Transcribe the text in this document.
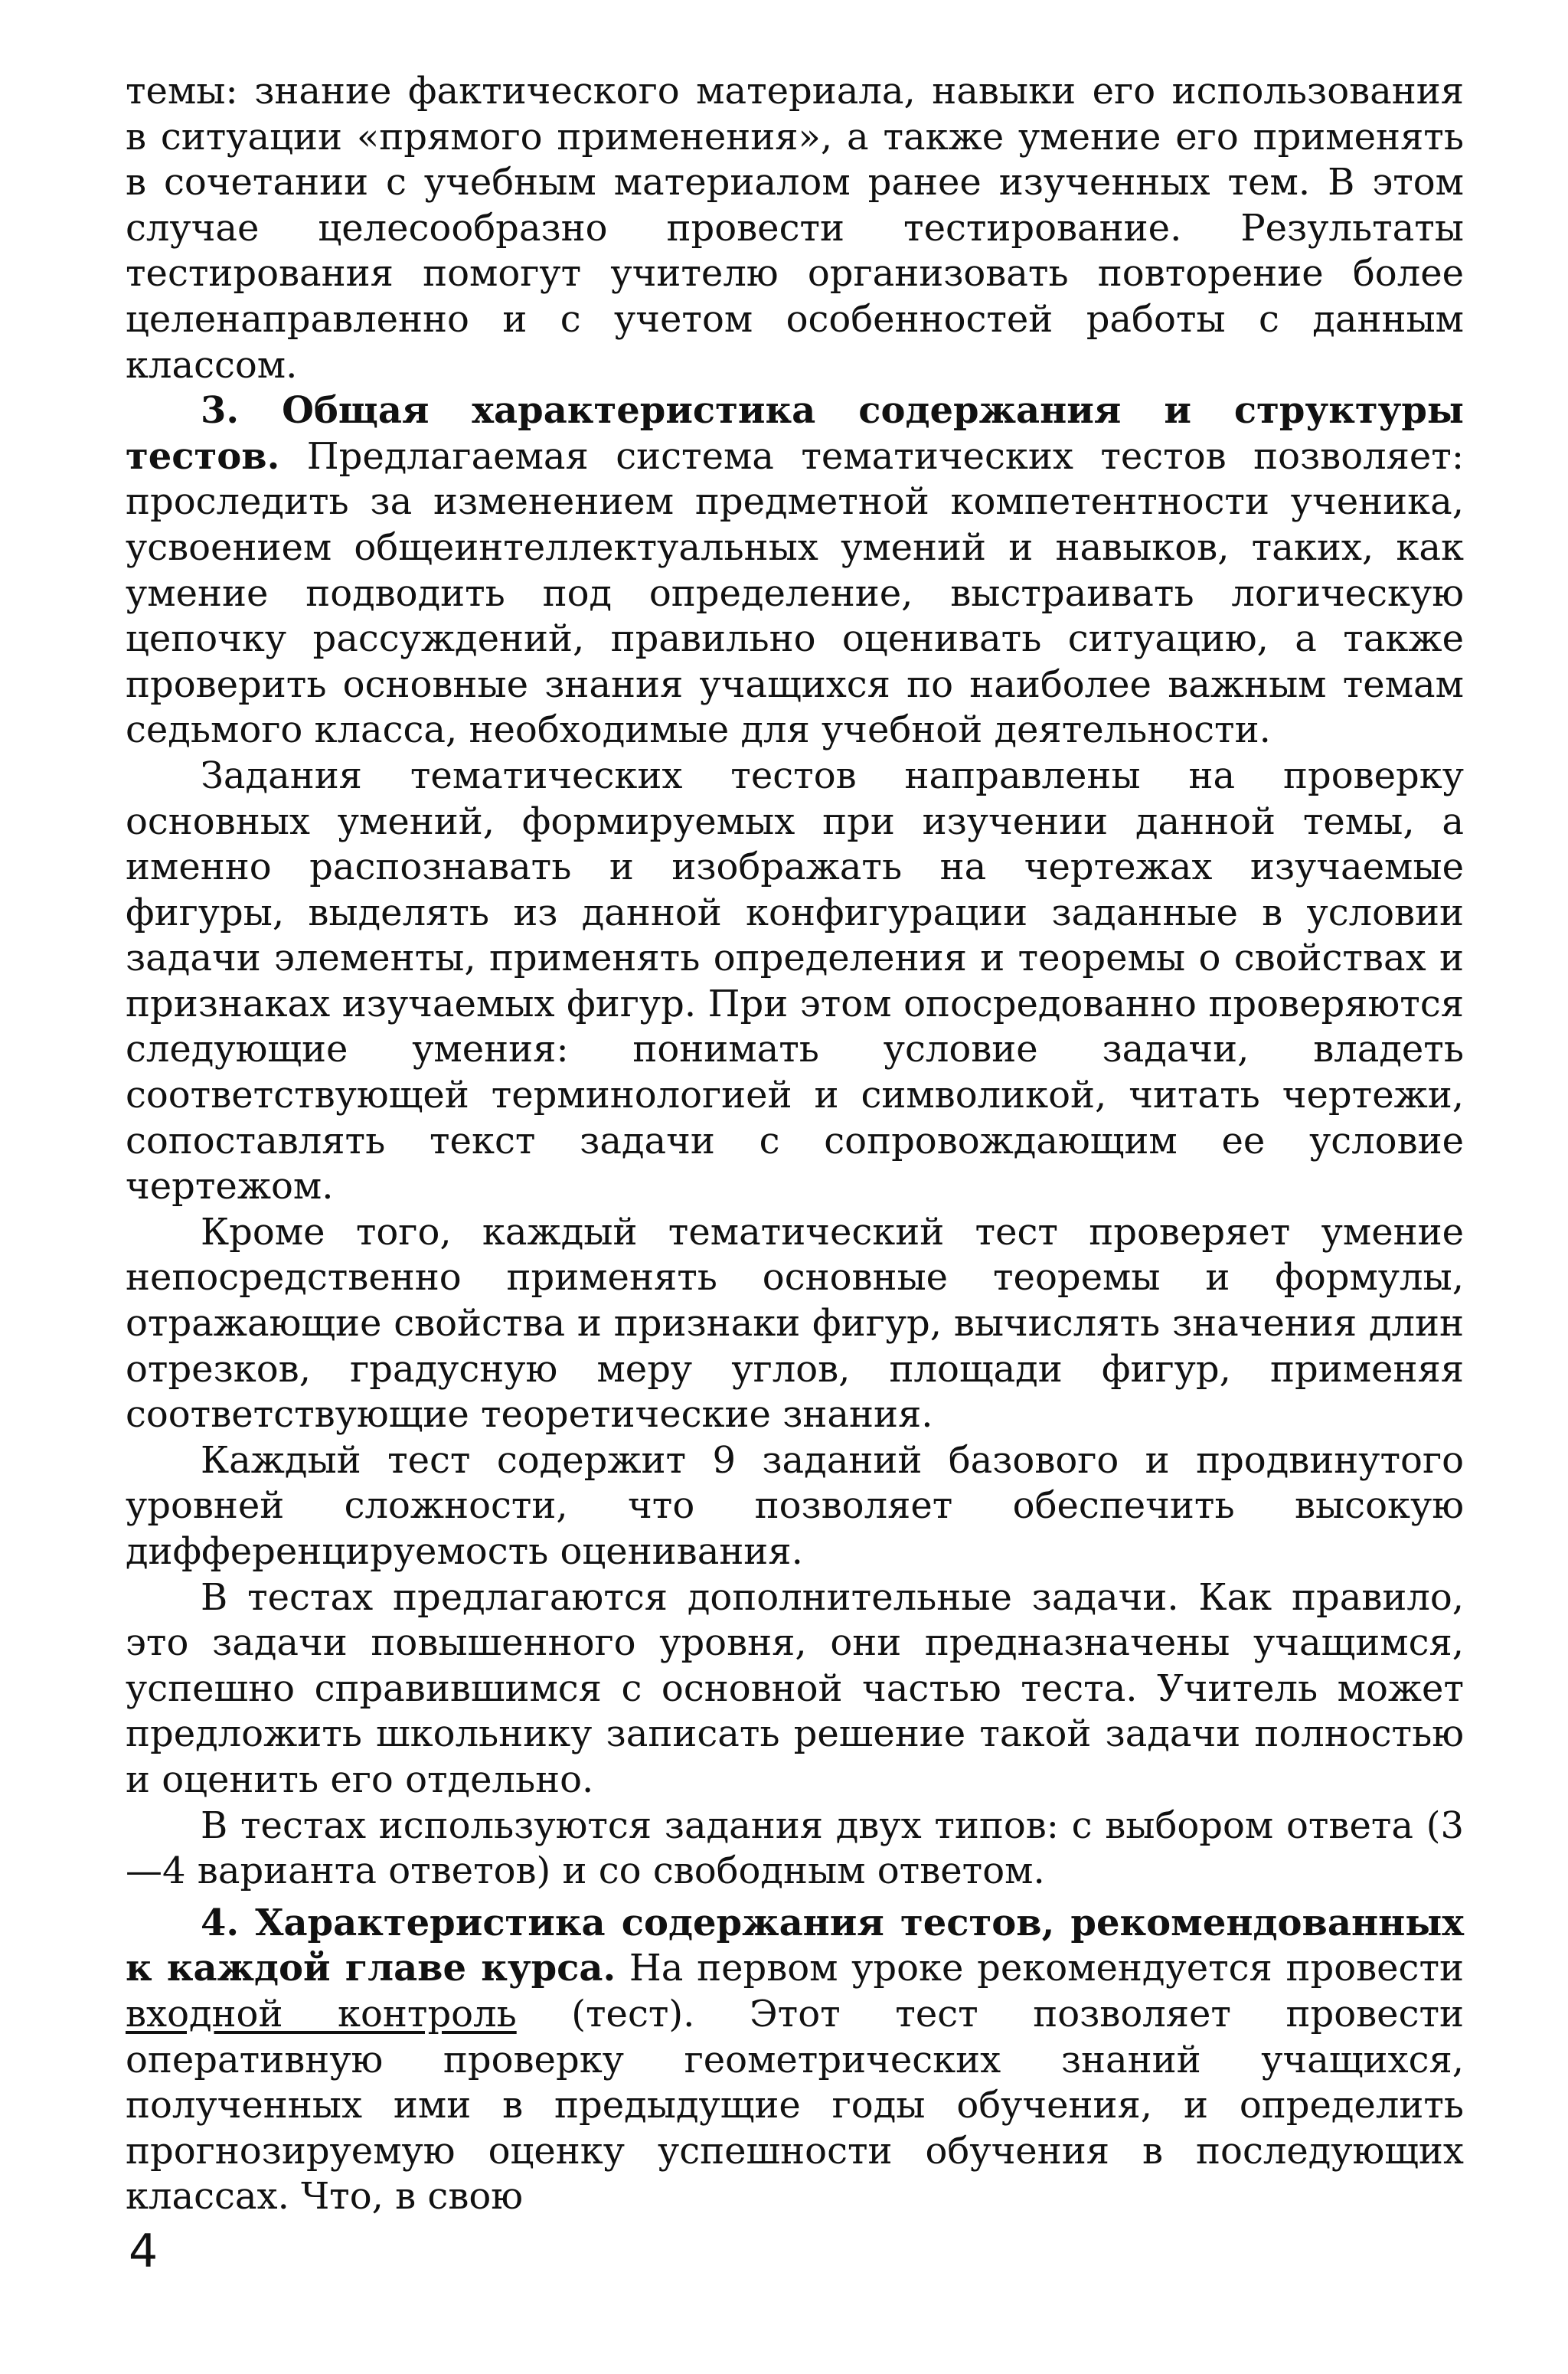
темы: знание фактического материала, навыки его использования в ситуации «прямого применения», а также умение его применять в сочетании с учебным материалом ранее изученных тем. В этом случае целесообразно провести тестирование. Результаты тестирования помогут учителю организовать повторение более целенаправленно и с учетом особенностей работы с данным классом.

3. Общая характеристика содержания и структуры тестов. Предлагаемая система тематических тестов позволяет: проследить за изменением предметной компетентности ученика, усвоением общеинтеллектуальных умений и навыков, таких, как умение подводить под определение, выстраивать логическую цепочку рассуждений, правильно оценивать ситуацию, а также проверить основные знания учащихся по наиболее важным темам седьмого класса, необходимые для учебной деятельности.

Задания тематических тестов направлены на проверку основных умений, формируемых при изучении данной темы, а именно распознавать и изображать на чертежах изучаемые фигуры, выделять из данной конфигурации заданные в условии задачи элементы, применять определения и теоремы о свойствах и признаках изучаемых фигур. При этом опосредованно проверяются следующие умения: понимать условие задачи, владеть соответствующей терминологией и символикой, читать чертежи, сопоставлять текст задачи с сопровождающим ее условие чертежом.

Кроме того, каждый тематический тест проверяет умение непосредственно применять основные теоремы и формулы, отражающие свойства и признаки фигур, вычислять значения длин отрезков, градусную меру углов, площади фигур, применяя соответствующие теоретические знания.

Каждый тест содержит 9 заданий базового и продвинутого уровней сложности, что позволяет обеспечить высокую дифференцируемость оценивания.

В тестах предлагаются дополнительные задачи. Как правило, это задачи повышенного уровня, они предназначены учащимся, успешно справившимся с основной частью теста. Учитель может предложить школьнику записать решение такой задачи полностью и оценить его отдельно.

В тестах используются задания двух типов: с выбором ответа (3—4 варианта ответов) и со свободным ответом.

4. Характеристика содержания тестов, рекомендованных к каждой главе курса. На первом уроке рекомендуется провести входной контроль (тест). Этот тест позволяет провести оперативную проверку геометрических знаний учащихся, полученных ими в предыдущие годы обучения, и определить прогнозируемую оценку успешности обучения в последующих классах. Что, в свою

4
